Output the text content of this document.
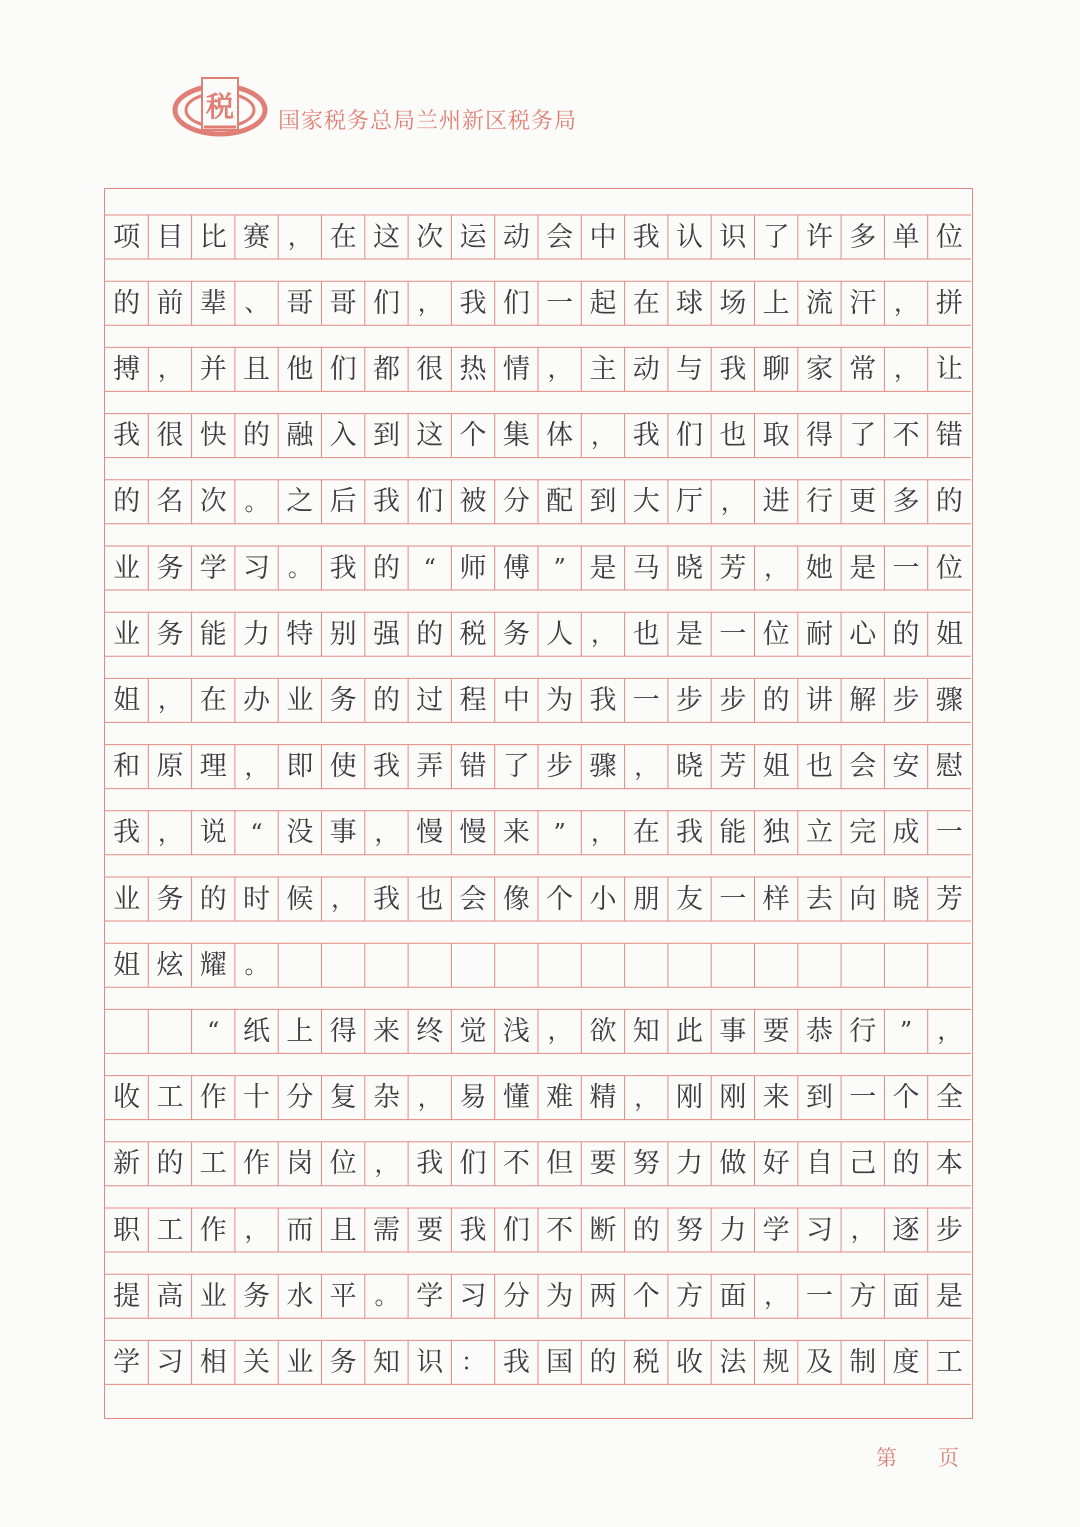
税 国家税务总局兰州新区税务局
项 目 比 赛 ， 在 这 次 运 动 会 中 我 认 识 了 许 多 单 位
的 前 辈 、 哥 哥 们 ， 我 们 一 起 在 球 场 上 流 汗 ， 拼
搏 ， 并 且 他 们 都 很 热 情 ， 主 动 与 我 聊 家 常 ， 让
我 很 快 的 融 入 到 这 个 集 体 ， 我 们 也 取 得 了 不 错
的 名 次 。 之 后 我 们 被 分 配 到 大 厅 ， 进 行 更 多 的
业 务 学 习 。 我 的 “ 师 傅 ” 是 马 晓 芳 ， 她 是 一 位
业 务 能 力 特 别 强 的 税 务 人 ， 也 是 一 位 耐 心 的 姐
姐 ， 在 办 业 务 的 过 程 中 为 我 一 步 步 的 讲 解 步 骤
和 原 理 ， 即 使 我 弄 错 了 步 骤 ， 晓 芳 姐 也 会 安 慰
我 ， 说 “ 没 事 ， 慢 慢 来 ”	， 在 我 能 独 立 完 成 一
业 务 的 时 候 ， 我 也 会 像 个 小 朋 友 一 样 去 向 晓 芳
姐 炫 耀 。
“ 纸 上 得 来 终 觉 浅 ， 欲 知 此 事 要 恭 行 ”	，
收 工 作 十 分 复 杂 ， 易 懂 难 精 ， 刚 刚 来 到 一 个 全
新 的 工 作 岗 位 ， 我 们 不 但 要 努 力 做 好 自 己 的 本
职 工 作 ， 而 且 需 要 我 们 不 断 的 努 力 学 习 ， 逐 步
提 高 业 务 水 平 。 学 习 分 为 两 个 方 面 ， 一 方 面 是
学 习 相 关 业 务 知 识 ： 我 国 的 税 收 法 规 及 制 度 工
第 页
